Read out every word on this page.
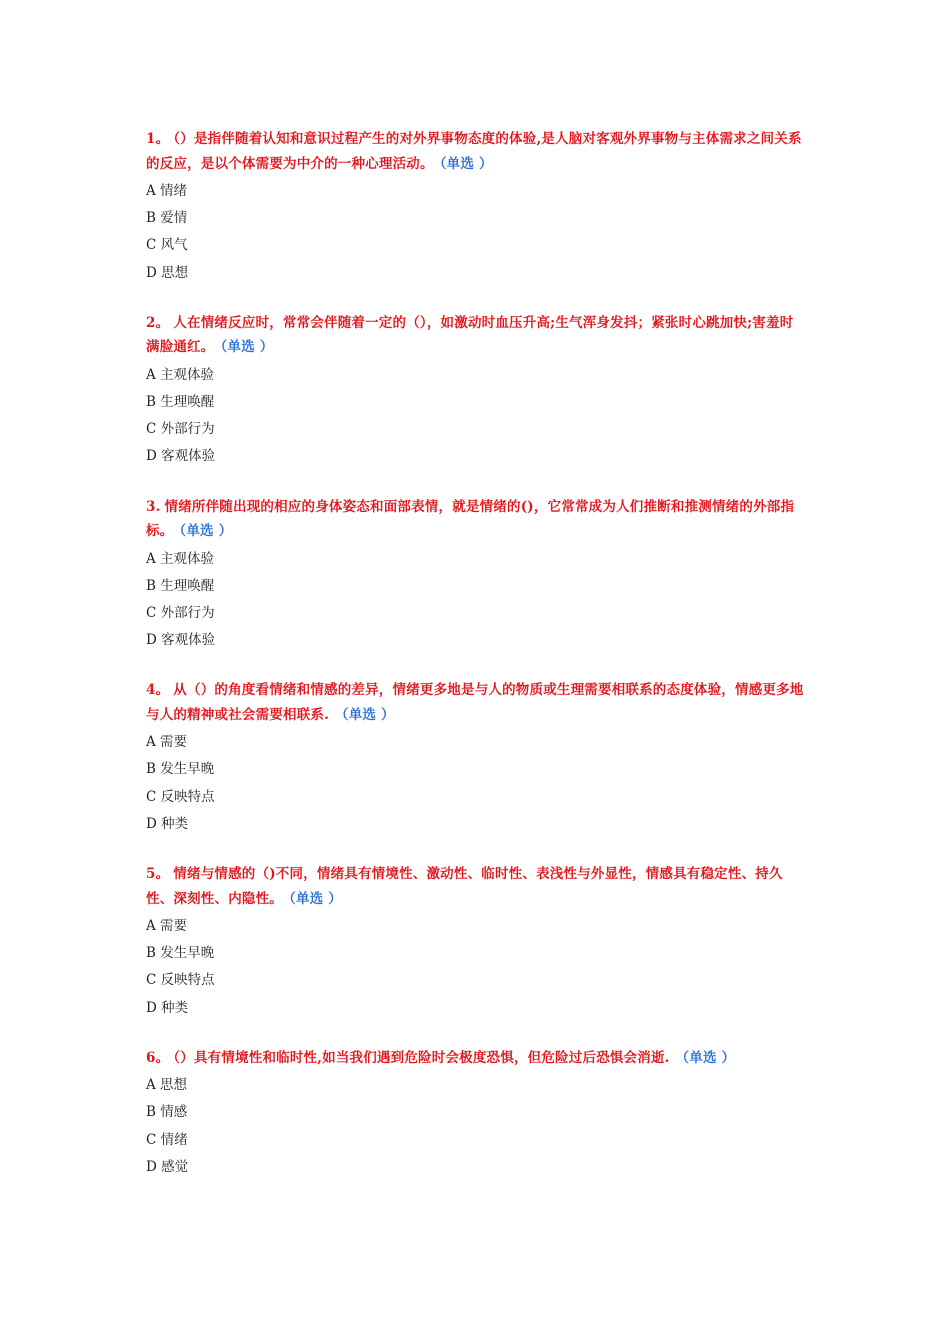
1。 （）是指伴随着认知和意识过程产生的对外界事物态度的体验,是人脑对客观外界事物与主体需求之间关系的反应，是以个体需要为中介的一种心理活动。 （单选 ）
A 情绪
B 爱情
C 风气
D 思想
2。 人在情绪反应时，常常会伴随着一定的（），如激动时血压升高;生气浑身发抖；紧张时心跳加快;害羞时满脸通红。 （单选 ）
A 主观体验
B 生理唤醒
C 外部行为
D 客观体验
3. 情绪所伴随出现的相应的身体姿态和面部表情，就是情绪的()，它常常成为人们推断和推测情绪的外部指标。 （单选 ）
A 主观体验
B 生理唤醒
C 外部行为
D 客观体验
4。 从（）的角度看情绪和情感的差异，情绪更多地是与人的物质或生理需要相联系的态度体验，情感更多地与人的精神或社会需要相联系. （单选 ）
A 需要
B 发生早晚
C 反映特点
D 种类
5。 情绪与情感的（)不同，情绪具有情境性、激动性、临时性、表浅性与外显性，情感具有稳定性、持久性、深刻性、内隐性。 （单选 ）
A 需要
B 发生早晚
C 反映特点
D 种类
6。 （）具有情境性和临时性,如当我们遇到危险时会极度恐惧，但危险过后恐惧会消逝. （单选 ）
A 思想
B 情感
C 情绪
D 感觉
